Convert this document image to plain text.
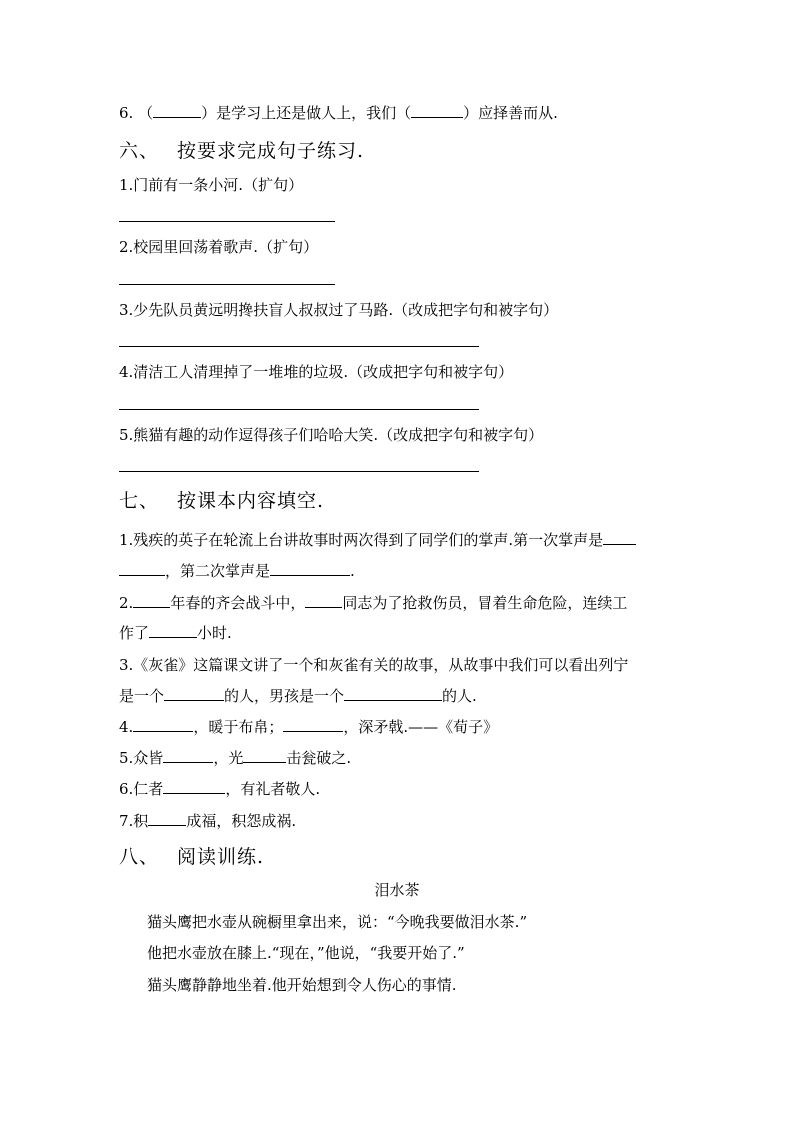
6. （	）是学习上还是做人上，我们（	）应择善而从.
六、 按要求完成句子练习.
1.门前有一条小河.（扩句）
2.校园里回荡着歌声.（扩句）
3.少先队员黄远明搀扶盲人叔叔过了马路.（改成把字句和被字句）
4.清洁工人清理掉了一堆堆的垃圾.（改成把字句和被字句）
5.熊猫有趣的动作逗得孩子们哈哈大笑.（改成把字句和被字句）
七、 按课本内容填空.
1.残疾的英子在轮流上台讲故事时两次得到了同学们的掌声.第一次掌声是
，第二次掌声是	.
2. 年春的齐会战斗中， 同志为了抢救伤员，冒着生命危险，连续工
作了	小时.
3.《灰雀》这篇课文讲了一个和灰雀有关的故事，从故事中我们可以看出列宁
是一个	的人，男孩是一个	的人.
4.	，暖于布帛；	，深矛戟.——《荀子》
5.众皆	，光	击瓮破之.
6.仁者	，有礼者敬人.
7.积	成福，积怨成祸.
八、 阅读训练.
泪水茶
猫头鹰把水壶从碗橱里拿出来，说：“今晚我要做泪水茶.”
他把水壶放在膝上.“现在，”他说，“我要开始了.”
猫头鹰静静地坐着.他开始想到令人伤心的事情.
